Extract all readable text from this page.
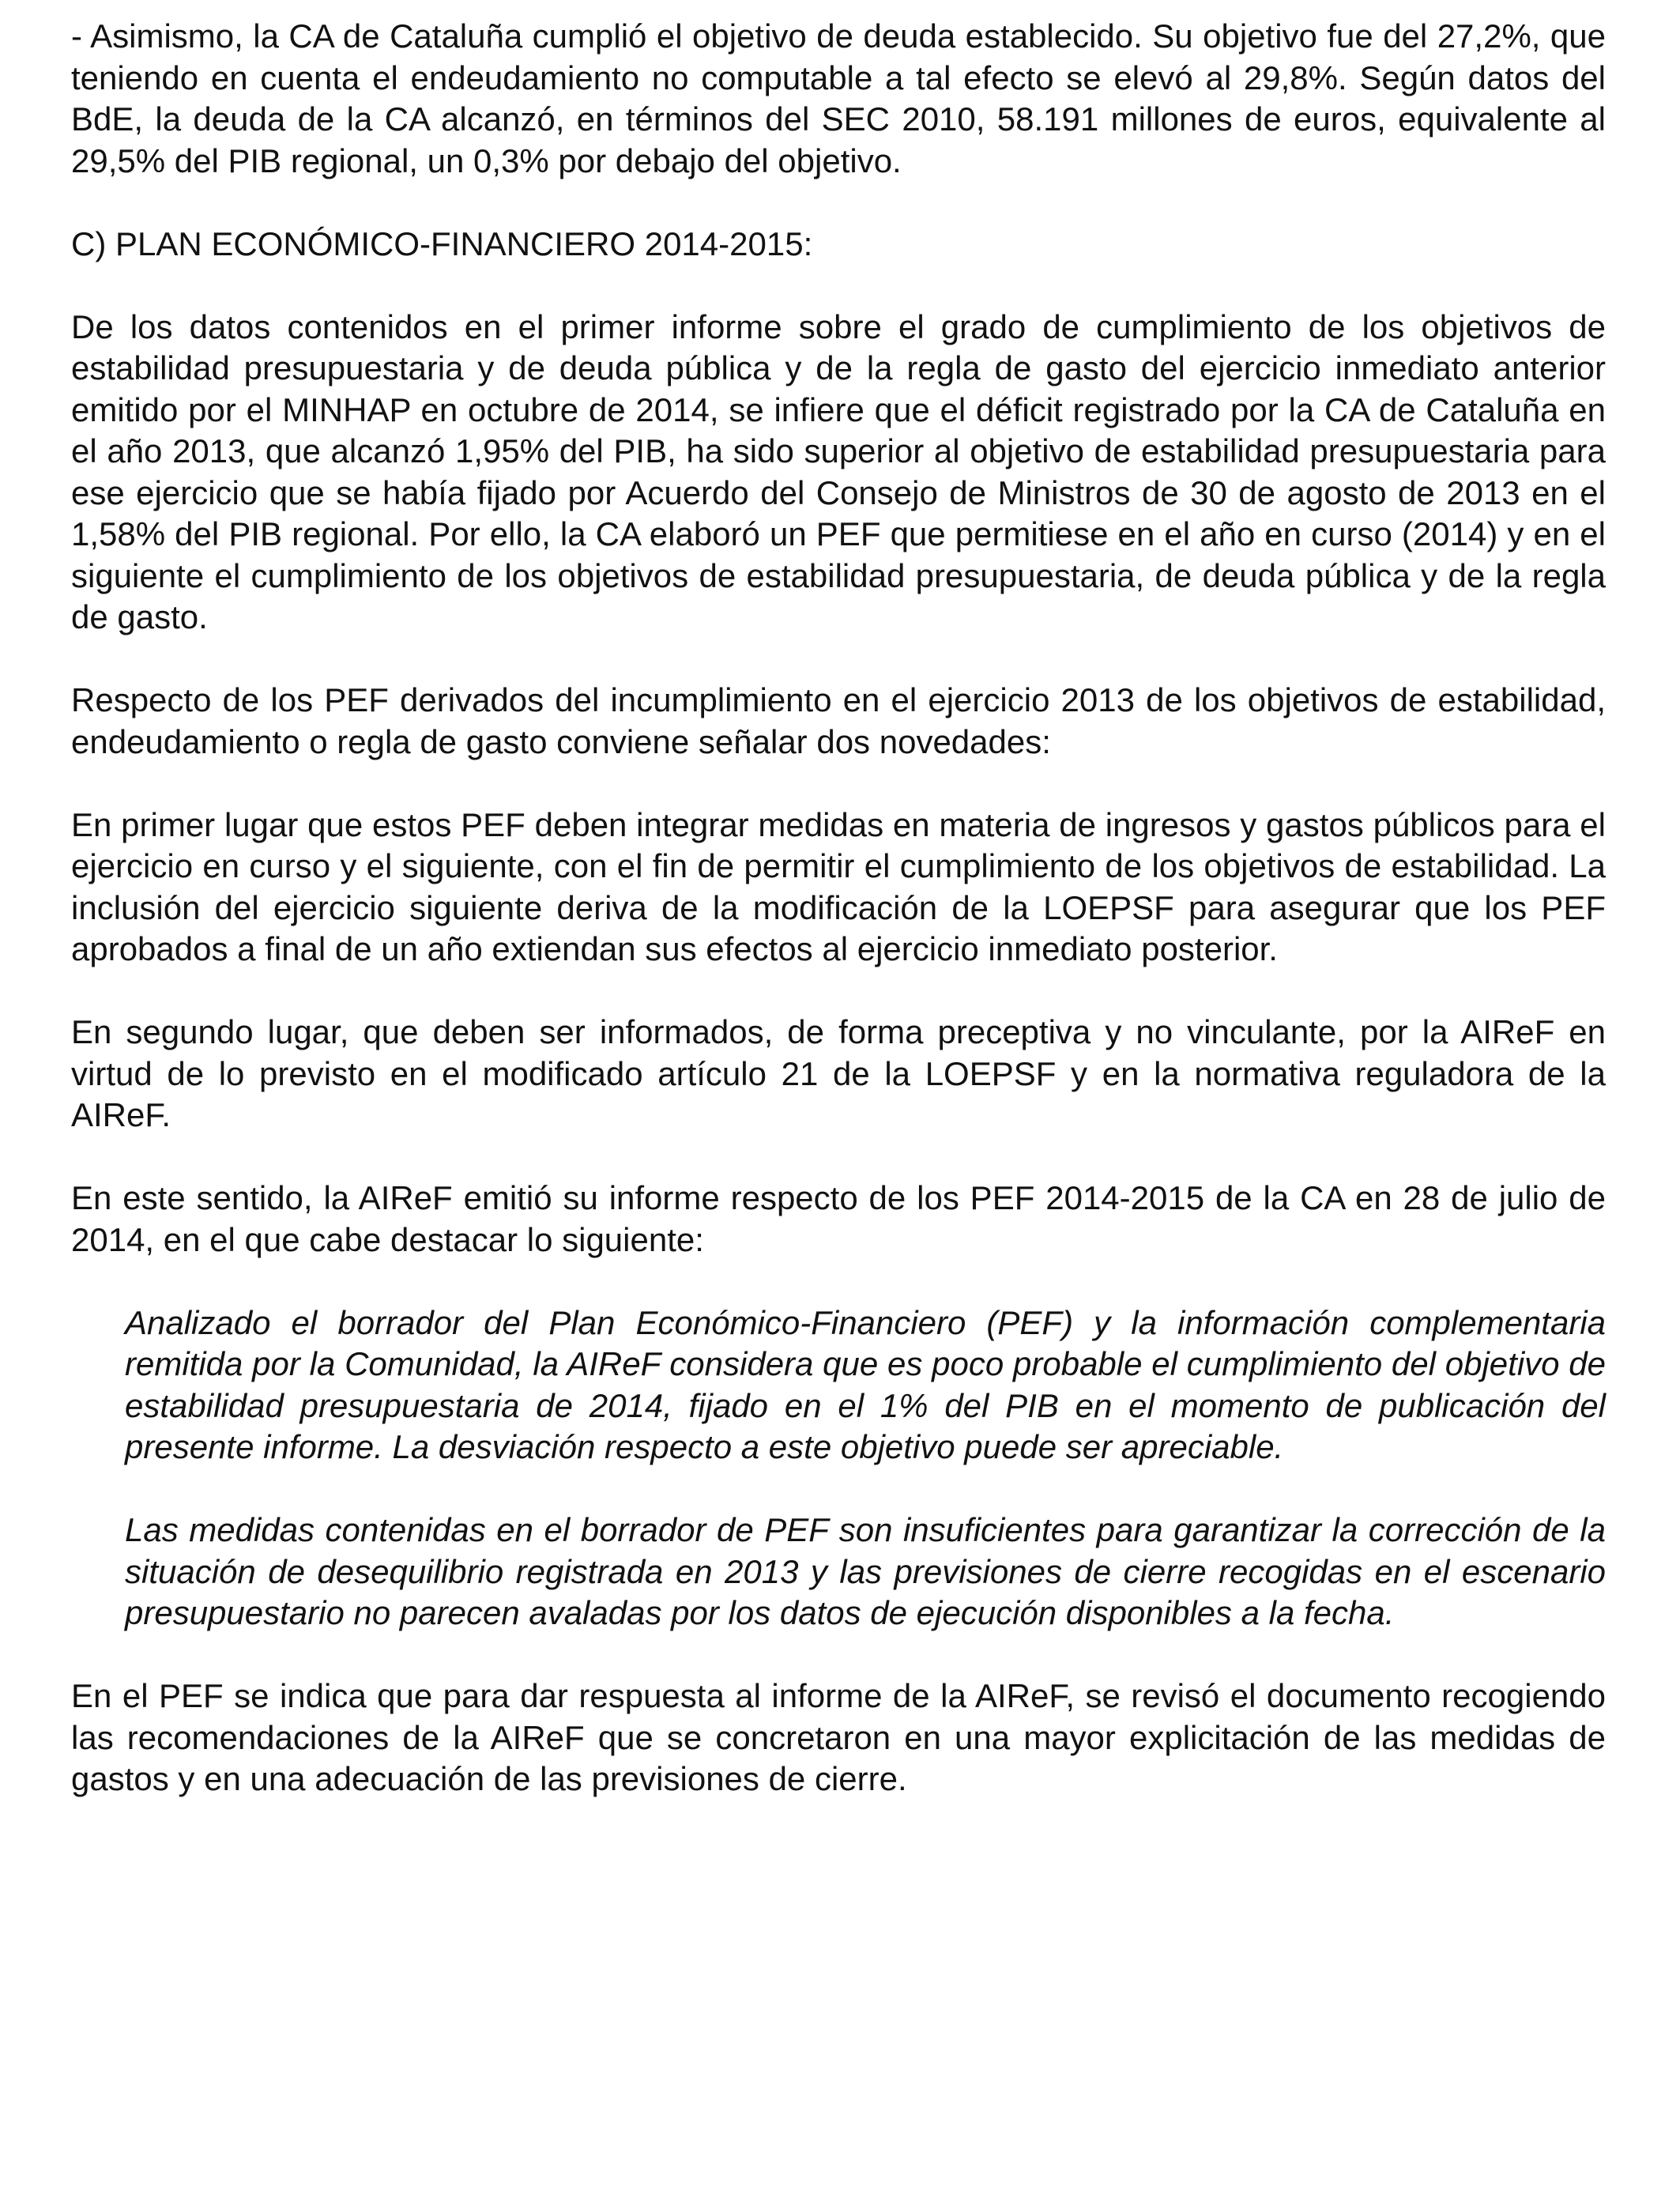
- Asimismo, la CA de Cataluña cumplió el objetivo de deuda establecido. Su objetivo fue del 27,2%, que teniendo en cuenta el endeudamiento no computable a tal efecto se elevó al 29,8%. Según datos del BdE, la deuda de la CA alcanzó, en términos del SEC 2010, 58.191 millones de euros, equivalente al 29,5% del PIB regional, un 0,3% por debajo del objetivo.

C) PLAN ECONÓMICO-FINANCIERO 2014-2015:

De los datos contenidos en el primer informe sobre el grado de cumplimiento de los objetivos de estabilidad presupuestaria y de deuda pública y de la regla de gasto del ejercicio inmediato anterior emitido por el MINHAP en octubre de 2014, se infiere que el déficit registrado por la CA de Cataluña en el año 2013, que alcanzó 1,95% del PIB, ha sido superior al objetivo de estabilidad presupuestaria para ese ejercicio que se había fijado por Acuerdo del Consejo de Ministros de 30 de agosto de 2013 en el 1,58% del PIB regional. Por ello, la CA elaboró un PEF que permitiese en el año en curso (2014) y en el siguiente el cumplimiento de los objetivos de estabilidad presupuestaria, de deuda pública y de la regla de gasto.

Respecto de los PEF derivados del incumplimiento en el ejercicio 2013 de los objetivos de estabilidad, endeudamiento o regla de gasto conviene señalar dos novedades:

En primer lugar que estos PEF deben integrar medidas en materia de ingresos y gastos públicos para el ejercicio en curso y el siguiente, con el fin de permitir el cumplimiento de los objetivos de estabilidad. La inclusión del ejercicio siguiente deriva de la modificación de la LOEPSF para asegurar que los PEF aprobados a final de un año extiendan sus efectos al ejercicio inmediato posterior.

En segundo lugar, que deben ser informados, de forma preceptiva y no vinculante, por la AIReF en virtud de lo previsto en el modificado artículo 21 de la LOEPSF y en la normativa reguladora de la AIReF.

En este sentido, la AIReF emitió su informe respecto de los PEF 2014-2015 de la CA en 28 de julio de 2014, en el que cabe destacar lo siguiente:

Analizado el borrador del Plan Económico-Financiero (PEF) y la información complementaria remitida por la Comunidad, la AIReF considera que es poco probable el cumplimiento del objetivo de estabilidad presupuestaria de 2014, fijado en el 1% del PIB en el momento de publicación del presente informe. La desviación respecto a este objetivo puede ser apreciable.

Las medidas contenidas en el borrador de PEF son insuficientes para garantizar la corrección de la situación de desequilibrio registrada en 2013 y las previsiones de cierre recogidas en el escenario presupuestario no parecen avaladas por los datos de ejecución disponibles a la fecha.

En el PEF se indica que para dar respuesta al informe de la AIReF, se revisó el documento recogiendo las recomendaciones de la AIReF que se concretaron en una mayor explicitación de las medidas de gastos y en una adecuación de las previsiones de cierre.
